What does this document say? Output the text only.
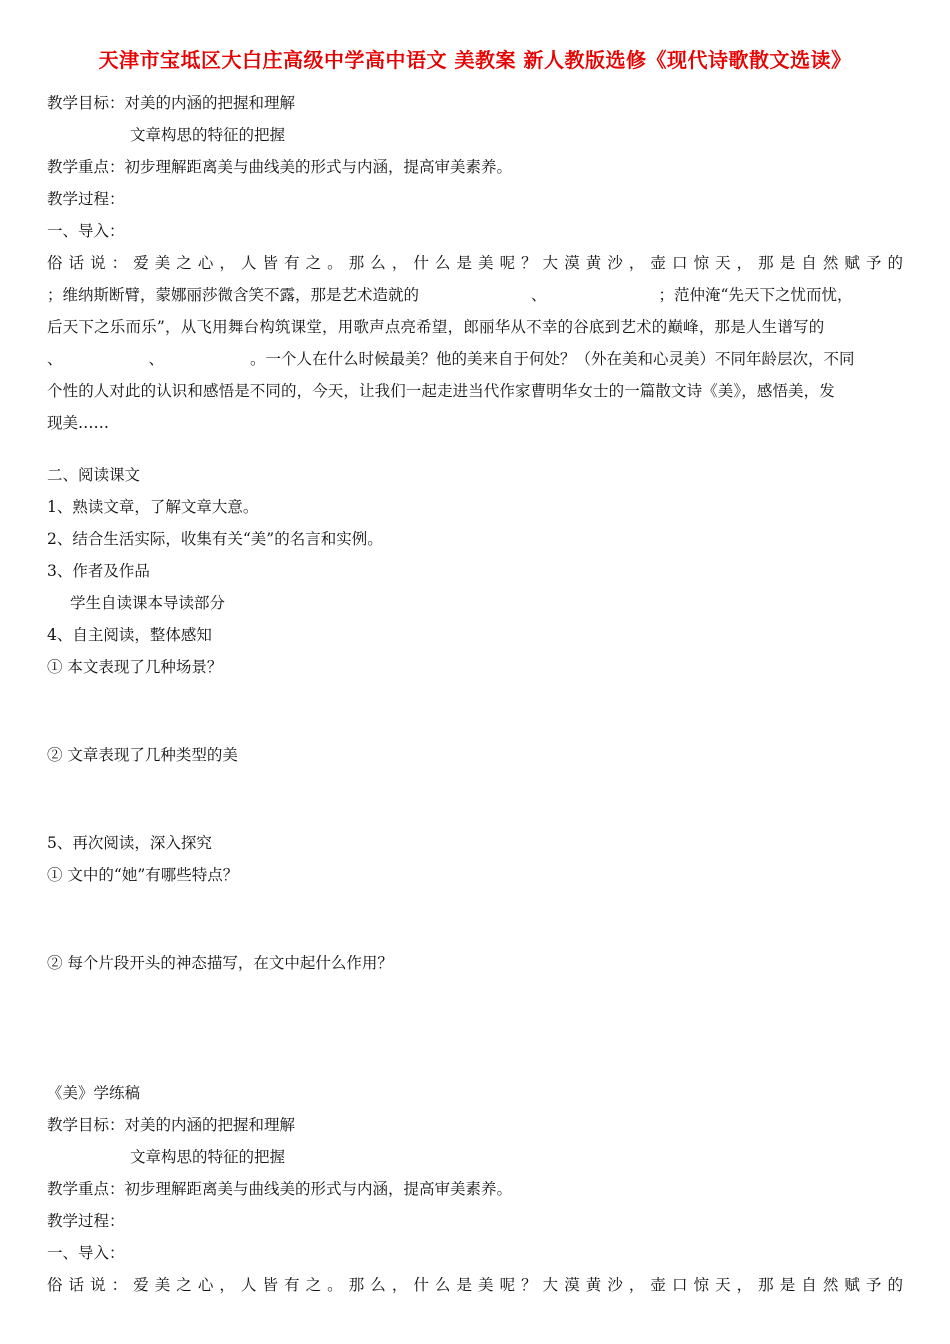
天津市宝坻区大白庄高级中学高中语文 美教案 新人教版选修《现代诗歌散文选读》
教学目标：对美的内涵的把握和理解
文章构思的特征的把握
教学重点：初步理解距离美与曲线美的形式与内涵，提高审美素养。
教学过程：
一、导入：
俗话说：爱美之心，人皆有之。那么，什么是美呢？大漠黄沙，壶口惊天，那是自然赋予的
；维纳斯断臂，蒙娜丽莎微含笑不露，那是艺术造就的	、	；范仲淹“先天下之忧而忧，
后天下之乐而乐”，从飞用舞台构筑课堂，用歌声点亮希望，郎丽华从不幸的谷底到艺术的巅峰，那是人生谱写的
、	、	。一个人在什么时候最美？他的美来自于何处？（外在美和心灵美）不同年龄层次，不同
个性的人对此的认识和感悟是不同的，今天，让我们一起走进当代作家曹明华女士的一篇散文诗《美》，感悟美，发
现美……
二、阅读课文
1、熟读文章，了解文章大意。
2、结合生活实际，收集有关“美”的名言和实例。
3、作者及作品
学生自读课本导读部分
4、自主阅读，整体感知
① 本文表现了几种场景？
② 文章表现了几种类型的美
5、再次阅读，深入探究
① 文中的“她”有哪些特点？
② 每个片段开头的神态描写，在文中起什么作用？
《美》学练稿
教学目标：对美的内涵的把握和理解
文章构思的特征的把握
教学重点：初步理解距离美与曲线美的形式与内涵，提高审美素养。
教学过程：
一、导入：
俗话说：爱美之心，人皆有之。那么，什么是美呢？大漠黄沙，壶口惊天，那是自然赋予的
